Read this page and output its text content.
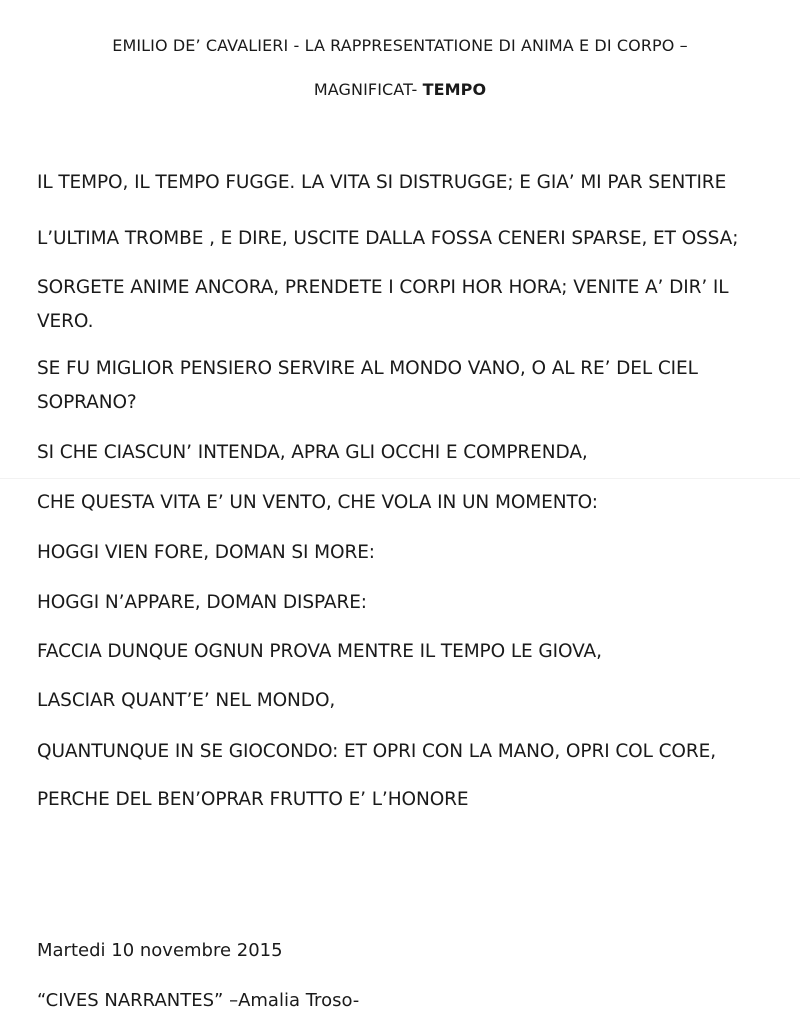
EMILIO DE’ CAVALIERI - LA RAPPRESENTATIONE DI ANIMA E DI CORPO –
MAGNIFICAT- TEMPO
IL TEMPO, IL TEMPO FUGGE. LA VITA SI DISTRUGGE; E GIA’ MI PAR SENTIRE
L’ULTIMA TROMBE , E DIRE, USCITE DALLA FOSSA CENERI SPARSE, ET OSSA;
SORGETE ANIME ANCORA, PRENDETE I CORPI HOR HORA; VENITE A’ DIR’ IL
VERO.
SE FU MIGLIOR PENSIERO SERVIRE AL MONDO VANO, O AL RE’ DEL CIEL
SOPRANO?
SI CHE CIASCUN’ INTENDA, APRA GLI OCCHI E COMPRENDA,
CHE QUESTA VITA E’ UN VENTO, CHE VOLA IN UN MOMENTO:
HOGGI VIEN FORE, DOMAN SI MORE:
HOGGI N’APPARE, DOMAN DISPARE:
FACCIA DUNQUE OGNUN PROVA MENTRE IL TEMPO LE GIOVA,
LASCIAR QUANT’E’ NEL MONDO,
QUANTUNQUE IN SE GIOCONDO: ET OPRI CON LA MANO, OPRI COL CORE,
PERCHE DEL BEN’OPRAR FRUTTO E’ L’HONORE
Martedi 10 novembre 2015
“CIVES NARRANTES” –Amalia Troso-
